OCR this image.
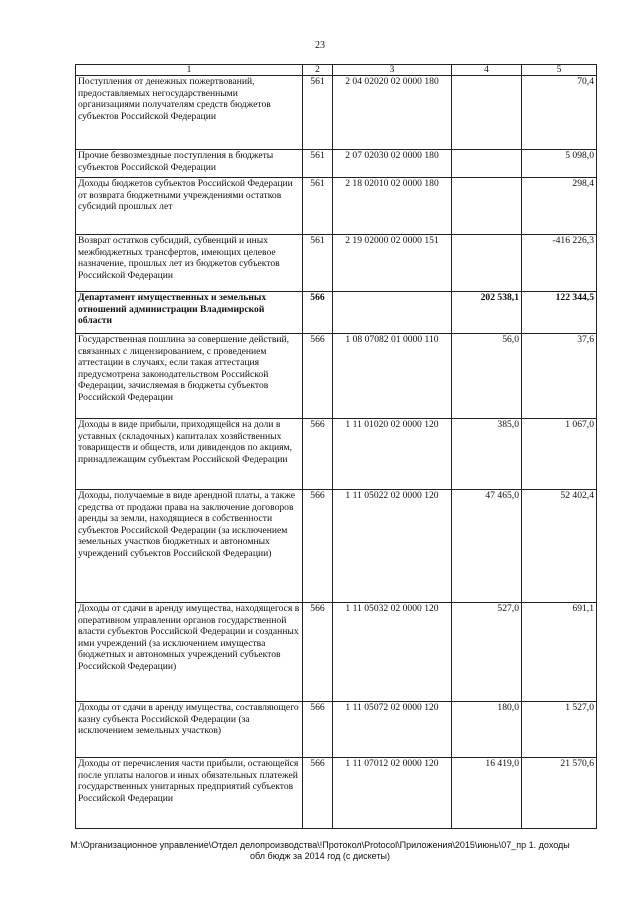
23
1	2	3	4	5
Поступления от денежных пожертвований, предоставляемых негосударственными организациями получателям средств бюджетов субъектов Российской Федерации	561	2 04 02020 02 0000 180		70,4
Прочие безвозмездные поступления в бюджеты субъектов Российской Федерации	561	2 07 02030 02 0000 180		5 098,0
Доходы бюджетов субъектов Российской Федерации от возврата бюджетными учреждениями остатков субсидий прошлых лет	561	2 18 02010 02 0000 180		298,4
Возврат остатков субсидий, субвенций и иных межбюджетных трансфертов, имеющих целевое назначение, прошлых лет из бюджетов субъектов Российской Федерации	561	2 19 02000 02 0000 151		-416 226,3
Департамент имущественных и земельных отношений администрации Владимирской области	566		202 538,1	122 344,5
Государственная пошлина за совершение действий, связанных с лицензированием, с проведением аттестации в случаях, если такая аттестация предусмотрена законодательством Российской Федерации, зачисляемая в бюджеты субъектов Российской Федерации	566	1 08 07082 01 0000 110	56,0	37,6
Доходы в виде прибыли, приходящейся на доли в уставных (складочных) капиталах хозяйственных товариществ и обществ, или дивидендов по акциям, принадлежащим субъектам Российской Федерации	566	1 11 01020 02 0000 120	385,0	1 067,0
Доходы, получаемые в виде арендной платы, а также средства от продажи права на заключение договоров аренды за земли, находящиеся в собственности субъектов Российской Федерации (за исключением земельных участков бюджетных и автономных учреждений субъектов Российской Федерации)	566	1 11 05022 02 0000 120	47 465,0	52 402,4
Доходы от сдачи в аренду имущества, находящегося в оперативном управлении органов государственной власти субъектов Российской Федерации и созданных ими учреждений (за исключением имущества бюджетных и автономных учреждений субъектов Российской Федерации)	566	1 11 05032 02 0000 120	527,0	691,1
Доходы от сдачи в аренду имущества, составляющего казну субъекта Российской Федерации (за исключением земельных участков)	566	1 11 05072 02 0000 120	180,0	1 527,0
Доходы от перечисления части прибыли, остающейся после уплаты налогов и иных обязательных платежей государственных унитарных предприятий субъектов Российской Федерации	566	1 11 07012 02 0000 120	16 419,0	21 570,6
M:\Организационное управление\Отдел делопроизводства\!Протокол\Protocol\Приложения\2015\июнь\07_пр 1. доходы
обл бюдж за 2014 год (с дискеты)
